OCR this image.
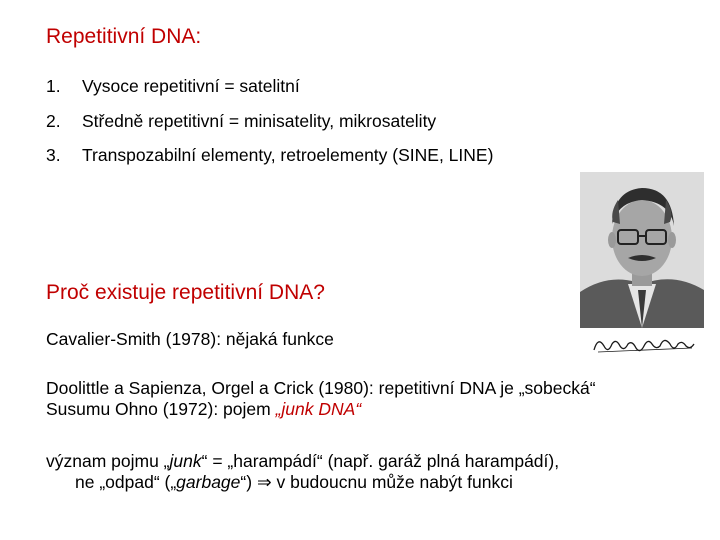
Repetitivní DNA:
1. Vysoce repetitivní = satelitní
2. Středně repetitivní = minisatelity, mikrosatelity
3. Transpozabilní elementy, retroelementy (SINE, LINE)
Proč existuje repetitivní DNA?
Cavalier-Smith (1978): nějaká funkce
Doolittle a Sapienza, Orgel a Crick (1980): repetitivní DNA je „sobecká“
Susumu Ohno (1972): pojem „junk DNA“
význam pojmu „junk“ = „harampádí“ (např. garáž plná harampádí),
ne „odpad“ („garbage“) ⇒ v budoucnu může nabýt funkci
